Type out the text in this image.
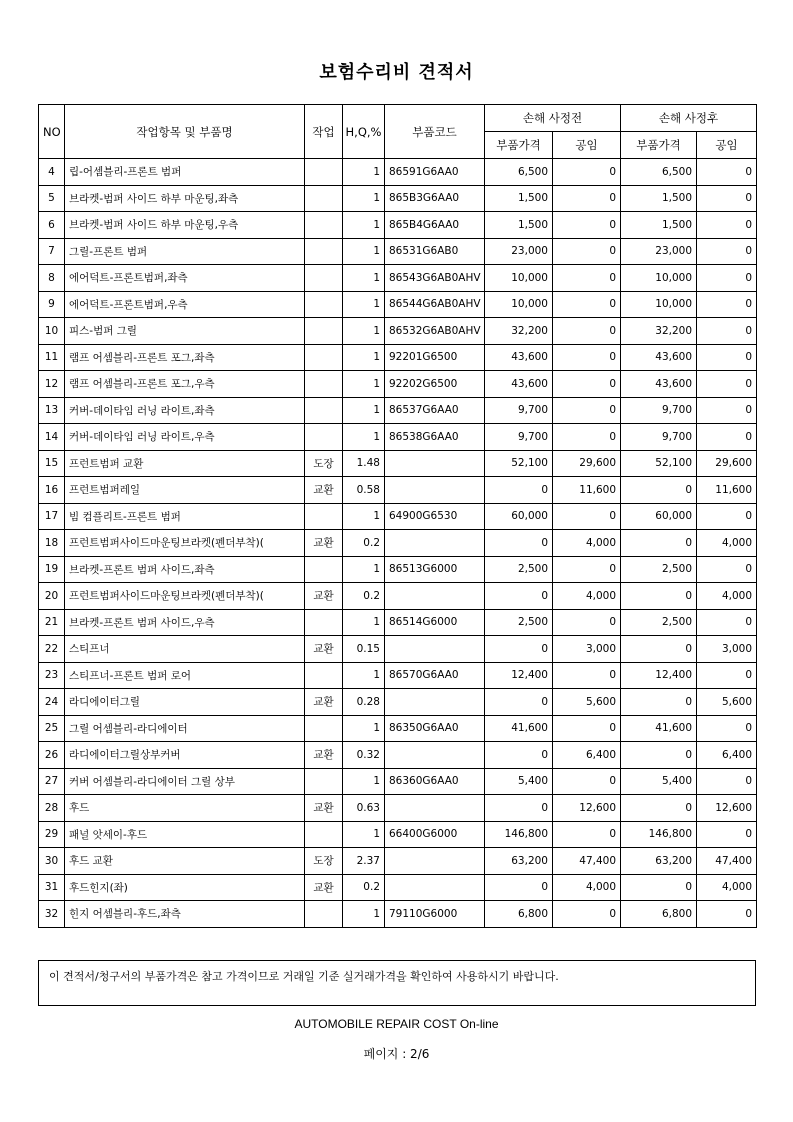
보험수리비 견적서
NO	작업항목 및 부품명	작업	H,Q,%	부품코드	손해 사정전		손해 사정후	
					부품가격	공임	부품가격	공임
4	립-어셈블리-프론트 범퍼		1	86591G6AA0	6,500	0	6,500	0
5	브라켓-범퍼 사이드 하부 마운팅,좌측		1	865B3G6AA0	1,500	0	1,500	0
6	브라켓-범퍼 사이드 하부 마운팅,우측		1	865B4G6AA0	1,500	0	1,500	0
7	그릴-프론트 범퍼		1	86531G6AB0	23,000	0	23,000	0
8	에어덕트-프론트범퍼,좌측		1	86543G6AB0AHV	10,000	0	10,000	0
9	에어덕트-프론트범퍼,우측		1	86544G6AB0AHV	10,000	0	10,000	0
10	피스-범퍼 그릴		1	86532G6AB0AHV	32,200	0	32,200	0
11	램프 어셈블리-프론트 포그,좌측		1	92201G6500	43,600	0	43,600	0
12	램프 어셈블리-프론트 포그,우측		1	92202G6500	43,600	0	43,600	0
13	커버-데이타임 러닝 라이트,좌측		1	86537G6AA0	9,700	0	9,700	0
14	커버-데이타임 러닝 라이트,우측		1	86538G6AA0	9,700	0	9,700	0
15	프런트범퍼 교환	도장	1.48		52,100	29,600	52,100	29,600
16	프런트범퍼레일	교환	0.58		0	11,600	0	11,600
17	빔 컴플리트-프론트 범퍼		1	64900G6530	60,000	0	60,000	0
18	프런트범퍼사이드마운팅브라켓(펜더부착)(	교환	0.2		0	4,000	0	4,000
19	브라켓-프론트 범퍼 사이드,좌측		1	86513G6000	2,500	0	2,500	0
20	프런트범퍼사이드마운팅브라켓(펜더부착)(	교환	0.2		0	4,000	0	4,000
21	브라켓-프론트 범퍼 사이드,우측		1	86514G6000	2,500	0	2,500	0
22	스티프너	교환	0.15		0	3,000	0	3,000
23	스티프너-프론트 범퍼 로어		1	86570G6AA0	12,400	0	12,400	0
24	라디에이터그릴	교환	0.28		0	5,600	0	5,600
25	그릴 어셈블리-라디에이터		1	86350G6AA0	41,600	0	41,600	0
26	라디에이터그릴상부커버	교환	0.32		0	6,400	0	6,400
27	커버 어셈블리-라디에이터 그릴 상부		1	86360G6AA0	5,400	0	5,400	0
28	후드	교환	0.63		0	12,600	0	12,600
29	패널 앗세이-후드		1	66400G6000	146,800	0	146,800	0
30	후드 교환	도장	2.37		63,200	47,400	63,200	47,400
31	후드힌지(좌)	교환	0.2		0	4,000	0	4,000
32	힌지 어셈블리-후드,좌측		1	79110G6000	6,800	0	6,800	0
이 견적서/청구서의 부품가격은 참고 가격이므로 거래일 기준 실거래가격을 확인하여 사용하시기 바랍니다.
AUTOMOBILE REPAIR COST On-line
페이지 : 2/6
